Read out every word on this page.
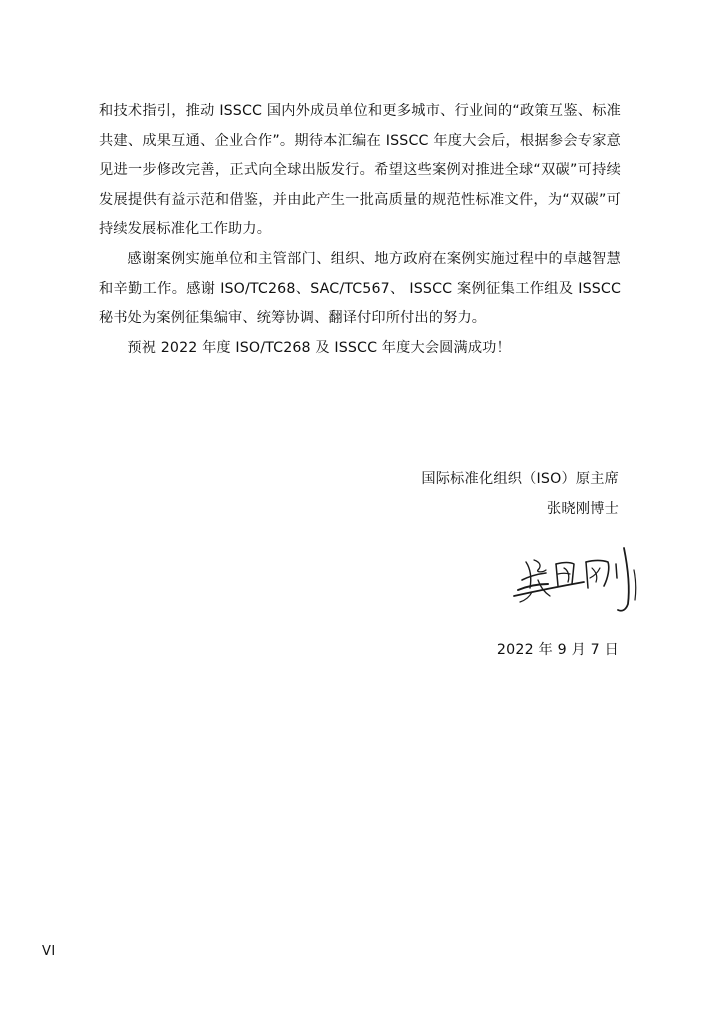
和技术指引，推动 ISSCC 国内外成员单位和更多城市、行业间的“政策互鉴、标准共建、成果互通、企业合作”。期待本汇编在 ISSCC 年度大会后，根据参会专家意见进一步修改完善，正式向全球出版发行。希望这些案例对推进全球“双碳”可持续发展提供有益示范和借鉴，并由此产生一批高质量的规范性标准文件，为“双碳”可持续发展标准化工作助力。

感谢案例实施单位和主管部门、组织、地方政府在案例实施过程中的卓越智慧和辛勤工作。感谢 ISO/TC268、SAC/TC567、 ISSCC 案例征集工作组及 ISSCC 秘书处为案例征集编审、统筹协调、翻译付印所付出的努力。

预祝 2022 年度 ISO/TC268 及 ISSCC 年度大会圆满成功！

国际标准化组织（ISO）原主席
张晓刚博士
2022 年 9 月 7 日
VI
